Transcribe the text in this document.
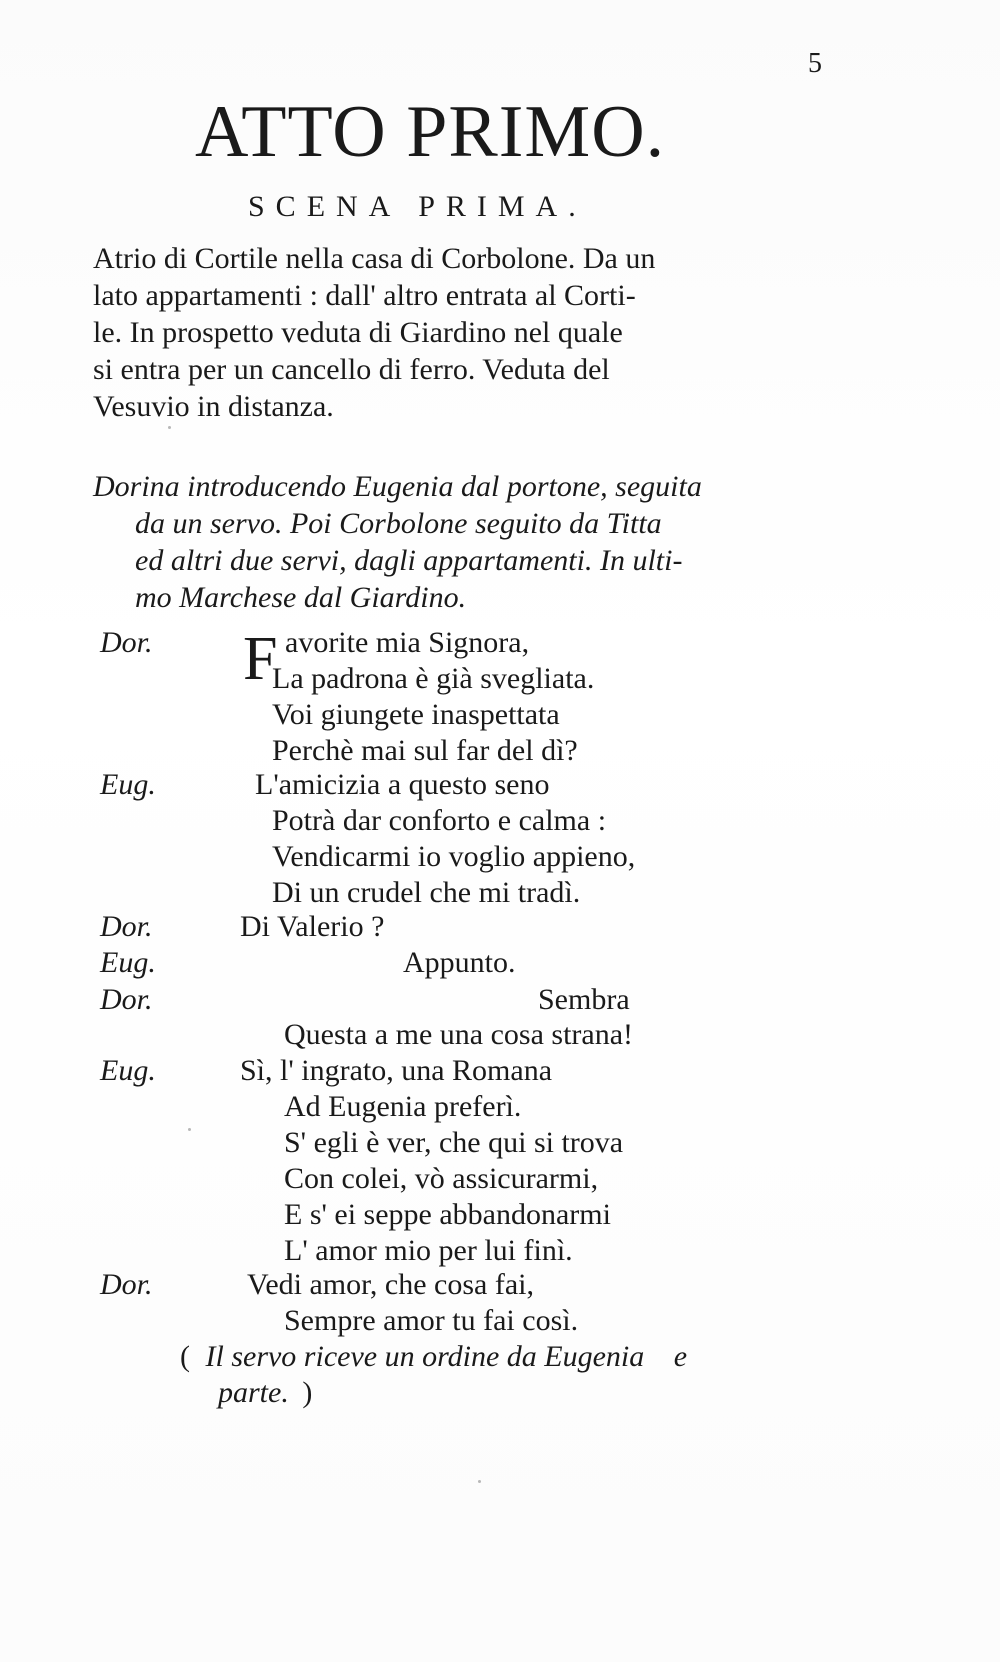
5
ATTO PRIMO.
SCENA PRIMA.
Atrio di Cortile nella casa di Corbolone. Da un
lato appartamenti : dall' altro entrata al Corti-
le. In prospetto veduta di Giardino nel quale
si entra per un cancello di ferro. Veduta del
Vesuvio in distanza.
Dorina introducendo Eugenia dal portone, seguita
da un servo. Poi Corbolone seguito da Titta
ed altri due servi, dagli appartamenti. In ulti-
mo Marchese dal Giardino.
Dor. F avorite mia Signora,
La padrona è già svegliata.
Voi giungete inaspettata
Perchè mai sul far del dì?
Eug.	L'amicizia a questo seno
Potrà dar conforto e calma :
Vendicarmi io voglio appieno,
Di un crudel che mi tradì.
Dor.	Di Valerio ?
Eug.	Appunto.
Dor.	Sembra
Questa a me una cosa strana!
Eug.	Sì, l' ingrato, una Romana
Ad Eugenia preferì.
S' egli è ver, che qui si trova
Con colei, vò assicurarmi,
E s' ei seppe abbandonarmi
L' amor mio per lui finì.
Dor.	Vedi amor, che cosa fai,
Sempre amor tu fai così.
( Il servo riceve un ordine da Eugenia e
parte. )
